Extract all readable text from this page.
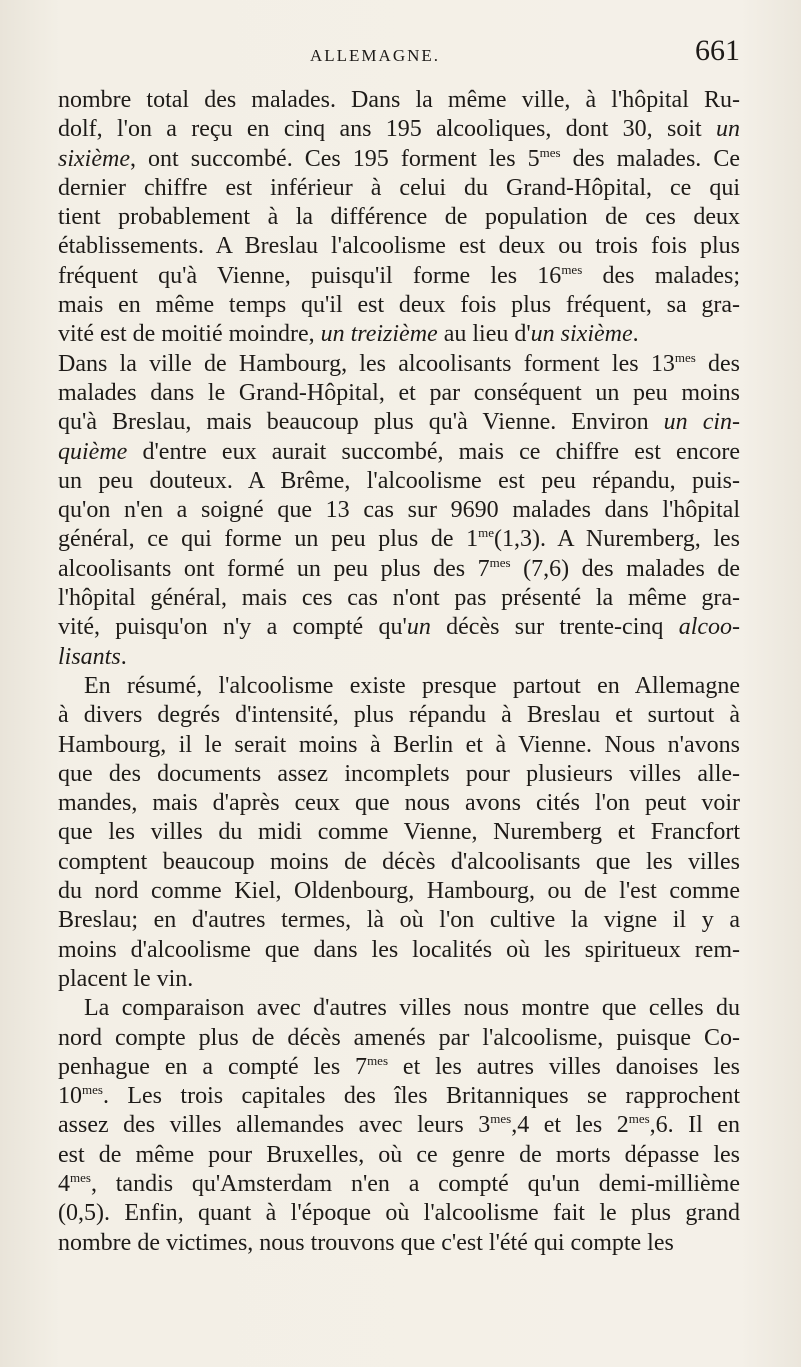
ALLEMAGNE.	661
nombre total des malades. Dans la même ville, à l'hôpital Ru-
dolf, l'on a reçu en cinq ans 195 alcooliques, dont 30, soit un
sixième, ont succombé. Ces 195 forment les $5^{mes}$ des malades. Ce
dernier chiffre est inférieur à celui du Grand-Hôpital, ce qui
tient probablement à la différence de population de ces deux
établissements. A Breslau l'alcoolisme est deux ou trois fois plus
fréquent qu'à Vienne, puisqu'il forme les $16^{mes}$ des malades;
mais en même temps qu'il est deux fois plus fréquent, sa gra-
vité est de moitié moindre, un treizième au lieu d'un sixième.
Dans la ville de Hambourg, les alcoolisants forment les $13^{mes}$ des
malades dans le Grand-Hôpital, et par conséquent un peu moins
qu'à Breslau, mais beaucoup plus qu'à Vienne. Environ un cin-
quième d'entre eux aurait succombé, mais ce chiffre est encore
un peu douteux. A Brême, l'alcoolisme est peu répandu, puis-
qu'on n'en a soigné que 13 cas sur 9690 malades dans l'hôpital
général, ce qui forme un peu plus de $1^{me}(1,3)$. A Nuremberg, les
alcoolisants ont formé un peu plus des $7^{mes}$ (7,6) des malades de
l'hôpital général, mais ces cas n'ont pas présenté la même gra-
vité, puisqu'on n'y a compté qu'un décès sur trente-cinq alcoo-
lisants.
En résumé, l'alcoolisme existe presque partout en Allemagne
à divers degrés d'intensité, plus répandu à Breslau et surtout à
Hambourg, il le serait moins à Berlin et à Vienne. Nous n'avons
que des documents assez incomplets pour plusieurs villes alle-
mandes, mais d'après ceux que nous avons cités l'on peut voir
que les villes du midi comme Vienne, Nuremberg et Francfort
comptent beaucoup moins de décès d'alcoolisants que les villes
du nord comme Kiel, Oldenbourg, Hambourg, ou de l'est comme
Breslau; en d'autres termes, là où l'on cultive la vigne il y a
moins d'alcoolisme que dans les localités où les spiritueux rem-
placent le vin.
La comparaison avec d'autres villes nous montre que celles du
nord compte plus de décès amenés par l'alcoolisme, puisque Co-
penhague en a compté les $7^{mes}$ et les autres villes danoises les
$10^{mes}$. Les trois capitales des îles Britanniques se rapprochent
assez des villes allemandes avec leurs $3^{mes},4$ et les $2^{mes},6$. Il en
est de même pour Bruxelles, où ce genre de morts dépasse les
$4^{mes}$, tandis qu'Amsterdam n'en a compté qu'un demi-millième
(0,5). Enfin, quant à l'époque où l'alcoolisme fait le plus grand
nombre de victimes, nous trouvons que c'est l'été qui compte les
